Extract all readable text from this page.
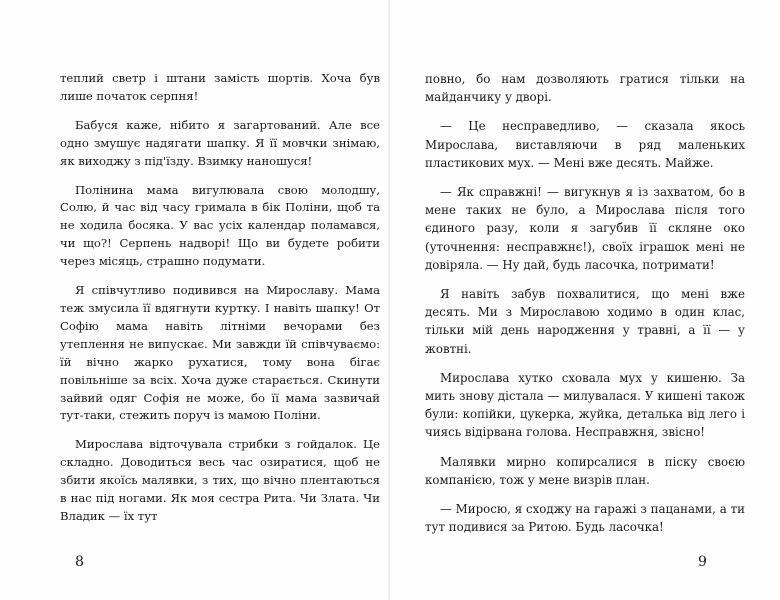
теплий светр і штани замість шортів. Хоча був лише початок серпня!

Бабуся каже, нібито я загартований. Але все одно змушує надягати шапку. Я її мовчки знімаю, як виходжу з під'їзду. Взимку наношуся!

Полінина мама вигулювала свою молодшу, Солю, й час від часу гримала в бік Поліни, щоб та не ходила босяка. У вас усіх календар поламався, чи що?! Серпень надворі! Що ви будете робити через місяць, страшно подумати.

Я співчутливо подивився на Мирославу. Мама теж змусила її вдягнути куртку. І навіть шапку! От Софію мама навіть літніми вечорами без утеплення не випускає. Ми завжди їй співчуваємо: їй вічно жарко рухатися, тому вона бігає повільніше за всіх. Хоча дуже старається. Скинути зайвий одяг Софія не може, бо її мама зазвичай тут-таки, стежить поруч із мамою Поліни.

Мирослава відточувала стрибки з гойдалок. Це складно. Доводиться весь час озиратися, щоб не збити якоїсь малявки, з тих, що вічно плентаються в нас під ногами. Як моя сестра Рита. Чи Злата. Чи Владик — їх тут

8

повно, бо нам дозволяють гратися тільки на майданчику у дворі.

— Це несправедливо, — сказала якось Мирослава, виставляючи в ряд маленьких пластикових мух. — Мені вже десять. Майже.

— Як справжні! — вигукнув я із захватом, бо в мене таких не було, а Мирослава після того єдиного разу, коли я загубив її скляне око (уточнення: несправжнє!), своїх іграшок мені не довіряла. — Ну дай, будь ласочка, потримати!

Я навіть забув похвалитися, що мені вже десять. Ми з Мирославою ходимо в один клас, тільки мій день народження у травні, а її — у жовтні.

Мирослава хутко сховала мух у кишеню. За мить знову дістала — милувалася. У кишені також були: копійки, цукерка, жуйка, деталька від лего і чиясь відірвана голова. Несправжня, звісно!

Малявки мирно копирсалися в піску своєю компанією, тож у мене визрів план.

— Миросю, я сходжу на гаражі з пацанами, а ти тут подивися за Ритою. Будь ласочка!

9
